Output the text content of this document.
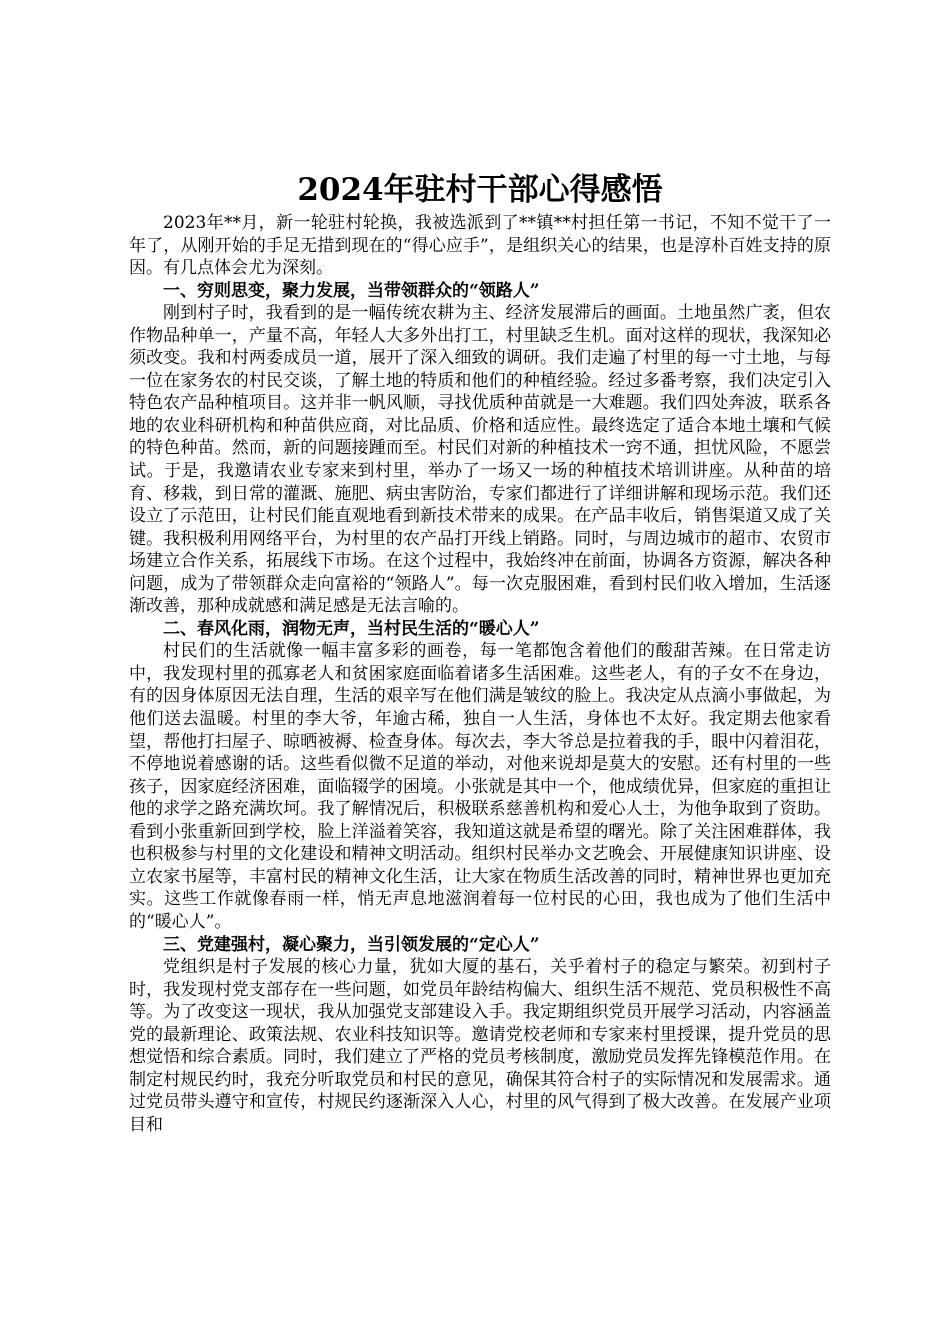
2024年驻村干部心得感悟

2023年**月，新一轮驻村轮换，我被选派到了**镇**村担任第一书记，不知不觉干了一年了，从刚开始的手足无措到现在的“得心应手”，是组织关心的结果，也是淳朴百姓支持的原因。有几点体会尤为深刻。

一、穷则思变，聚力发展，当带领群众的“领路人”

刚到村子时，我看到的是一幅传统农耕为主、经济发展滞后的画面。土地虽然广袤，但农作物品种单一，产量不高，年轻人大多外出打工，村里缺乏生机。面对这样的现状，我深知必须改变。我和村两委成员一道，展开了深入细致的调研。我们走遍了村里的每一寸土地，与每一位在家务农的村民交谈，了解土地的特质和他们的种植经验。经过多番考察，我们决定引入特色农产品种植项目。这并非一帆风顺，寻找优质种苗就是一大难题。我们四处奔波，联系各地的农业科研机构和种苗供应商，对比品质、价格和适应性。最终选定了适合本地土壤和气候的特色种苗。然而，新的问题接踵而至。村民们对新的种植技术一窍不通，担忧风险，不愿尝试。于是，我邀请农业专家来到村里，举办了一场又一场的种植技术培训讲座。从种苗的培育、移栽，到日常的灌溉、施肥、病虫害防治，专家们都进行了详细讲解和现场示范。我们还设立了示范田，让村民们能直观地看到新技术带来的成果。在产品丰收后，销售渠道又成了关键。我积极利用网络平台，为村里的农产品打开线上销路。同时，与周边城市的超市、农贸市场建立合作关系，拓展线下市场。在这个过程中，我始终冲在前面，协调各方资源，解决各种问题，成为了带领群众走向富裕的“领路人”。每一次克服困难，看到村民们收入增加，生活逐渐改善，那种成就感和满足感是无法言喻的。

二、春风化雨，润物无声，当村民生活的“暖心人”

村民们的生活就像一幅丰富多彩的画卷，每一笔都饱含着他们的酸甜苦辣。在日常走访中，我发现村里的孤寡老人和贫困家庭面临着诸多生活困难。这些老人，有的子女不在身边，有的因身体原因无法自理，生活的艰辛写在他们满是皱纹的脸上。我决定从点滴小事做起，为他们送去温暖。村里的李大爷，年逾古稀，独自一人生活，身体也不太好。我定期去他家看望，帮他打扫屋子、晾晒被褥、检查身体。每次去，李大爷总是拉着我的手，眼中闪着泪花，不停地说着感谢的话。这些看似微不足道的举动，对他来说却是莫大的安慰。还有村里的一些孩子，因家庭经济困难，面临辍学的困境。小张就是其中一个，他成绩优异，但家庭的重担让他的求学之路充满坎坷。我了解情况后，积极联系慈善机构和爱心人士，为他争取到了资助。看到小张重新回到学校，脸上洋溢着笑容，我知道这就是希望的曙光。除了关注困难群体，我也积极参与村里的文化建设和精神文明活动。组织村民举办文艺晚会、开展健康知识讲座、设立农家书屋等，丰富村民的精神文化生活，让大家在物质生活改善的同时，精神世界也更加充实。这些工作就像春雨一样，悄无声息地滋润着每一位村民的心田，我也成为了他们生活中的“暖心人”。

三、党建强村，凝心聚力，当引领发展的“定心人”

党组织是村子发展的核心力量，犹如大厦的基石，关乎着村子的稳定与繁荣。初到村子时，我发现村党支部存在一些问题，如党员年龄结构偏大、组织生活不规范、党员积极性不高等。为了改变这一现状，我从加强党支部建设入手。我定期组织党员开展学习活动，内容涵盖党的最新理论、政策法规、农业科技知识等。邀请党校老师和专家来村里授课，提升党员的思想觉悟和综合素质。同时，我们建立了严格的党员考核制度，激励党员发挥先锋模范作用。在制定村规民约时，我充分听取党员和村民的意见，确保其符合村子的实际情况和发展需求。通过党员带头遵守和宣传，村规民约逐渐深入人心，村里的风气得到了极大改善。在发展产业项目和
